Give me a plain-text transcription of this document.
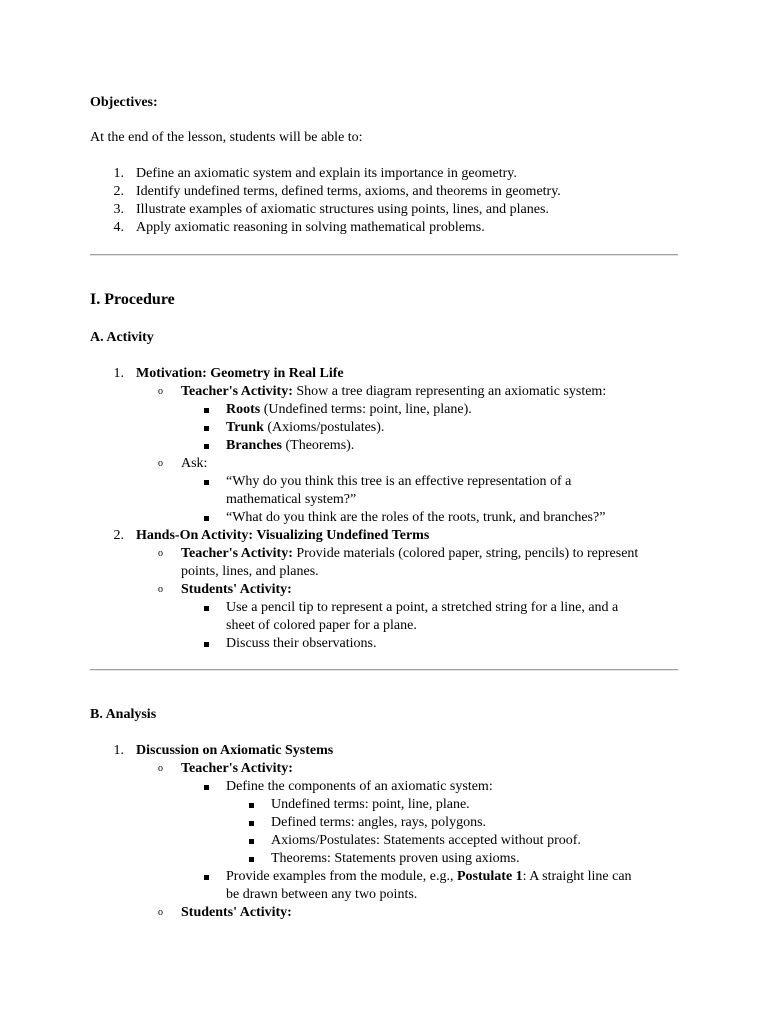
Objectives:
At the end of the lesson, students will be able to:
1. Define an axiomatic system and explain its importance in geometry.
2. Identify undefined terms, defined terms, axioms, and theorems in geometry.
3. Illustrate examples of axiomatic structures using points, lines, and planes.
4. Apply axiomatic reasoning in solving mathematical problems.
I. Procedure
A. Activity
1. Motivation: Geometry in Real Life
o Teacher's Activity: Show a tree diagram representing an axiomatic system:
Roots (Undefined terms: point, line, plane).
Trunk (Axioms/postulates).
Branches (Theorems).
o Ask:
“Why do you think this tree is an effective representation of a
mathematical system?”
“What do you think are the roles of the roots, trunk, and branches?”
2. Hands-On Activity: Visualizing Undefined Terms
o Teacher's Activity: Provide materials (colored paper, string, pencils) to represent
points, lines, and planes.
o Students' Activity:
Use a pencil tip to represent a point, a stretched string for a line, and a
sheet of colored paper for a plane.
Discuss their observations.
B. Analysis
1. Discussion on Axiomatic Systems
o Teacher's Activity:
Define the components of an axiomatic system:
Undefined terms: point, line, plane.
Defined terms: angles, rays, polygons.
Axioms/Postulates: Statements accepted without proof.
Theorems: Statements proven using axioms.
Provide examples from the module, e.g., Postulate 1: A straight line can
be drawn between any two points.
o Students' Activity:
